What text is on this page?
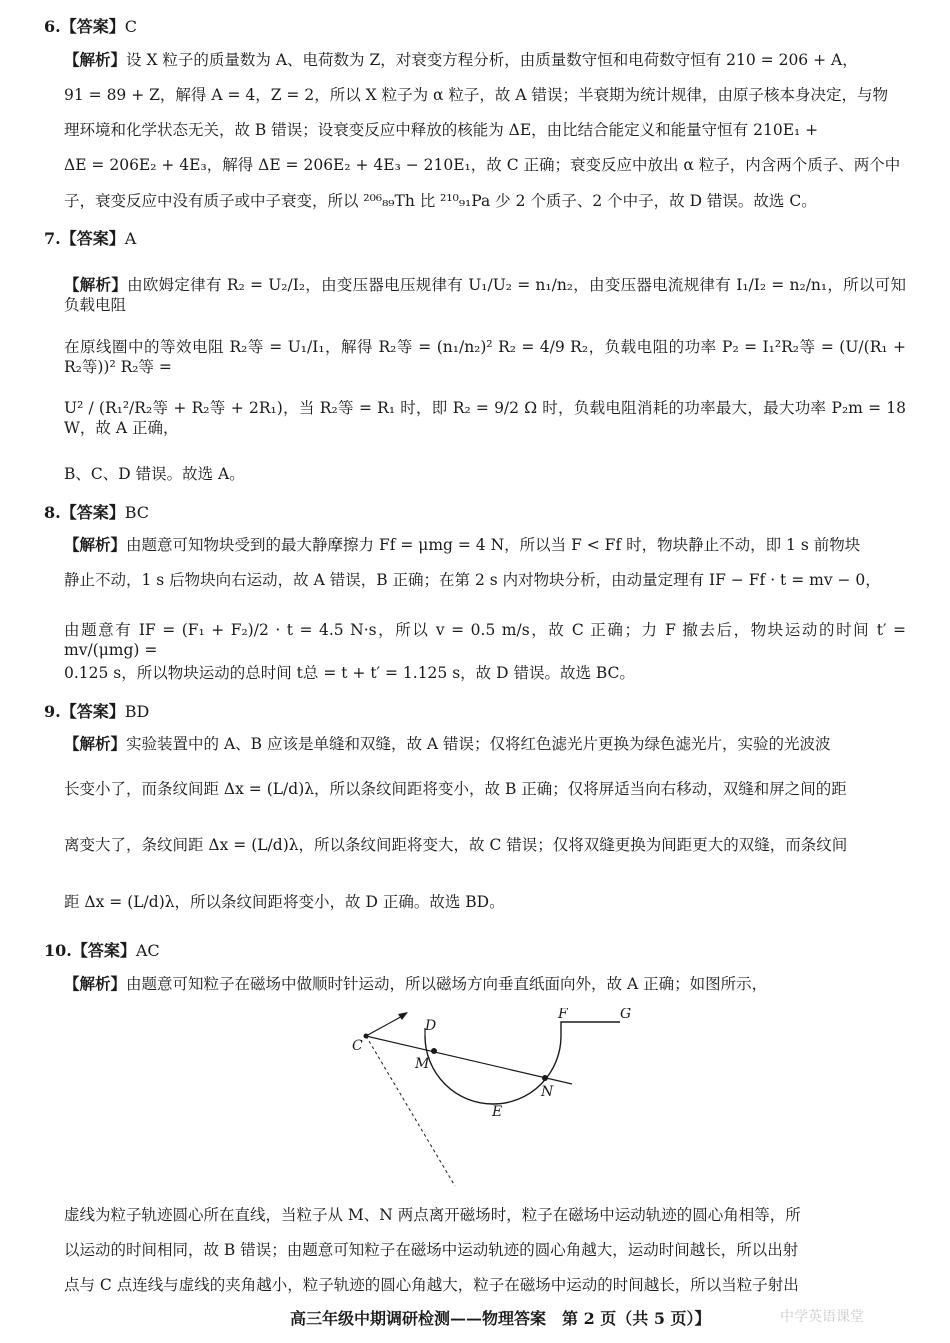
6.【答案】C
【解析】设 X 粒子的质量数为 A、电荷数为 Z，对衰变方程分析，由质量数守恒和电荷数守恒有 210 = 206 + A，
91 = 89 + Z，解得 A = 4，Z = 2，所以 X 粒子为 α 粒子，故 A 错误；半衰期为统计规律，由原子核本身决定，与物
理环境和化学状态无关，故 B 错误；设衰变反应中释放的核能为 ΔE，由比结合能定义和能量守恒有 210E₁ +
ΔE = 206E₂ + 4E₃，解得 ΔE = 206E₂ + 4E₃ − 210E₁，故 C 正确；衰变反应中放出 α 粒子，内含两个质子、两个中
子，衰变反应中没有质子或中子衰变，所以 ²⁰⁶₈₉Th 比 ²¹⁰₉₁Pa 少 2 个质子、2 个中子，故 D 错误。故选 C。
7.【答案】A
【解析】由欧姆定律有 R₂ = U₂/I₂，由变压器电压规律有 U₁/U₂ = n₁/n₂，由变压器电流规律有 I₁/I₂ = n₂/n₁，所以可知负载电阻
在原线圈中的等效电阻 R₂等 = U₁/I₁，解得 R₂等 = (n₁/n₂)² R₂ = 4/9 R₂，负载电阻的功率 P₂ = I₁²R₂等 = (U/(R₁ + R₂等))² R₂等 =
U² / (R₁²/R₂等 + R₂等 + 2R₁)，当 R₂等 = R₁ 时，即 R₂ = 9/2 Ω 时，负载电阻消耗的功率最大，最大功率 P₂m = 18 W，故 A 正确，
B、C、D 错误。故选 A。
8.【答案】BC
【解析】由题意可知物块受到的最大静摩擦力 Ff = μmg = 4 N，所以当 F < Ff 时，物块静止不动，即 1 s 前物块
静止不动，1 s 后物块向右运动，故 A 错误，B 正确；在第 2 s 内对物块分析，由动量定理有 IF − Ff · t = mv − 0，
由题意有 IF = (F₁ + F₂)/2 · t = 4.5 N·s，所以 v = 0.5 m/s，故 C 正确；力 F 撤去后，物块运动的时间 t′ = mv/(μmg) =
0.125 s，所以物块运动的总时间 t总 = t + t′ = 1.125 s，故 D 错误。故选 BC。
9.【答案】BD
【解析】实验装置中的 A、B 应该是单缝和双缝，故 A 错误；仅将红色滤光片更换为绿色滤光片，实验的光波波
长变小了，而条纹间距 Δx = (L/d)λ，所以条纹间距将变小，故 B 正确；仅将屏适当向右移动，双缝和屏之间的距
离变大了，条纹间距 Δx = (L/d)λ，所以条纹间距将变大，故 C 错误；仅将双缝更换为间距更大的双缝，而条纹间
距 Δx = (L/d)λ，所以条纹间距将变小，故 D 正确。故选 BD。
10.【答案】AC
【解析】由题意可知粒子在磁场中做顺时针运动，所以磁场方向垂直纸面向外，故 A 正确；如图所示，
C
D
M
N
E
F	G
虚线为粒子轨迹圆心所在直线，当粒子从 M、N 两点离开磁场时，粒子在磁场中运动轨迹的圆心角相等，所
以运动的时间相同，故 B 错误；由题意可知粒子在磁场中运动轨迹的圆心角越大，运动时间越长，所以出射
点与 C 点连线与虚线的夹角越小，粒子轨迹的圆心角越大，粒子在磁场中运动的时间越长，所以当粒子射出
高三年级中期调研检测——物理答案　第 2 页（共 5 页）】	中学英语课堂
